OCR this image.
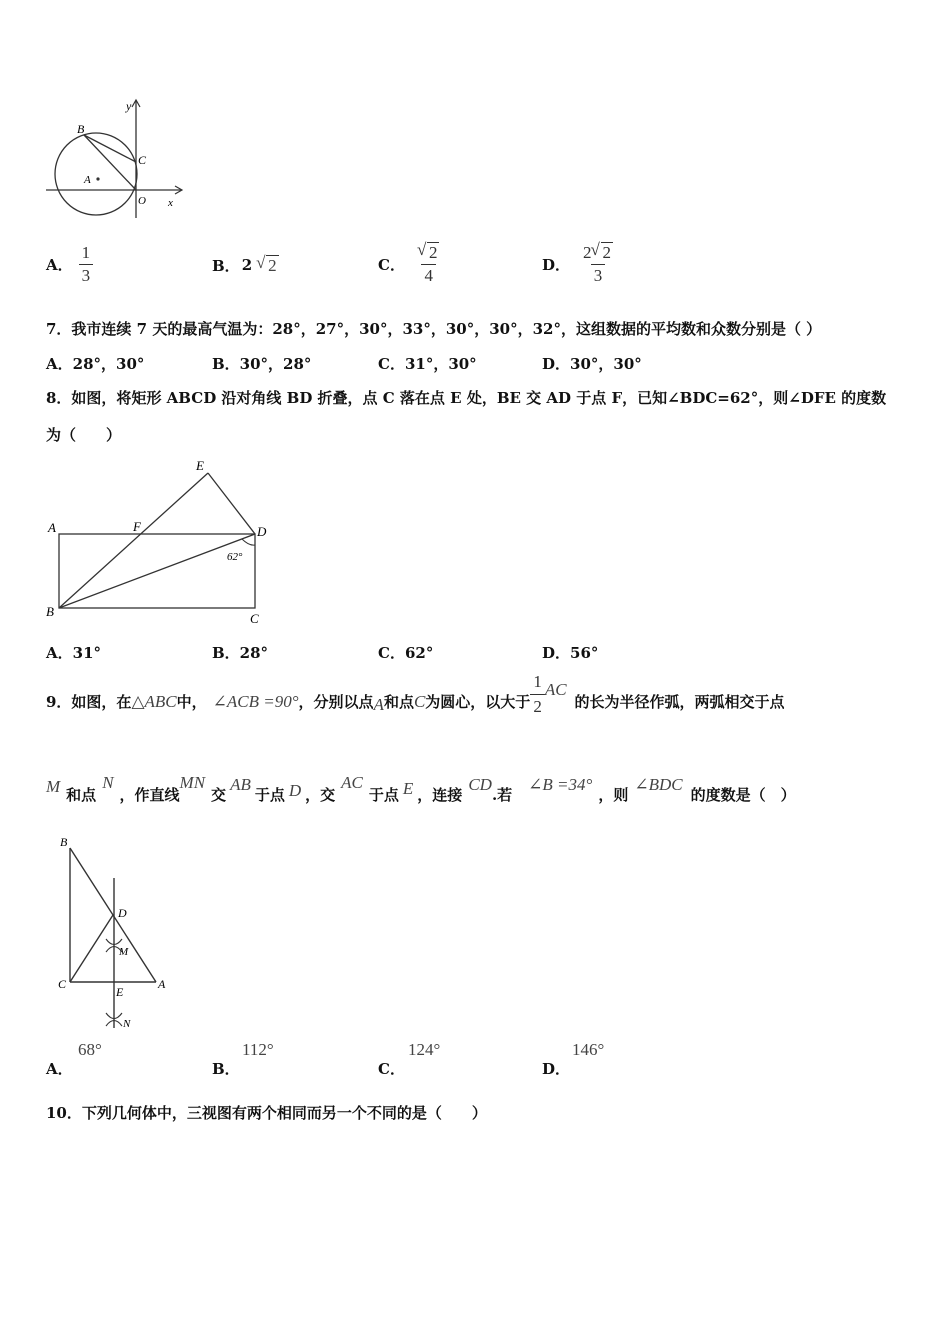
y
B
C
A
O x
A． $\frac{1}{3}$	B． 2 √ 2	C． √ $\frac{2}{4}$	D． $\frac{2 √ 2}{3}$
7．我市连续 7 天的最高气温为：28°，27°，30°，33°，30°，30°，32°，这组数据的平均数和众数分别是（ ）
A．28°，30°	B．30°，28°	C．31°，30°	D．30°，30°
8．如图，将矩形 ABCD 沿对角线 BD 折叠，点 C 落在点 E 处，BE 交 AD 于点 F，已知∠BDC=62°，则∠DFE 的度数
为（　　）
E
A	F	D
62°
B	C
A．31°	B．28°	C．62°	D．56°
9．如图，在 △ABC 中， ∠ACB =90° ，分别以点 A 和点 C 为圆心，以大于 $\frac{1}{2}$ AC
的长为半径作弧，两弧相交于点
M 和点
N
，作直线
MN
交
AB
于点 D ，交
AC
于点 E ，连接
CD
.若
∠B =34°
，则
∠BDC
的度数是（　）
B
D
M
C	A
E
N
A．
68°
B．
112°
C．
124°
D．
146°
10．下列几何体中，三视图有两个相同而另一个不同的是（　　）
